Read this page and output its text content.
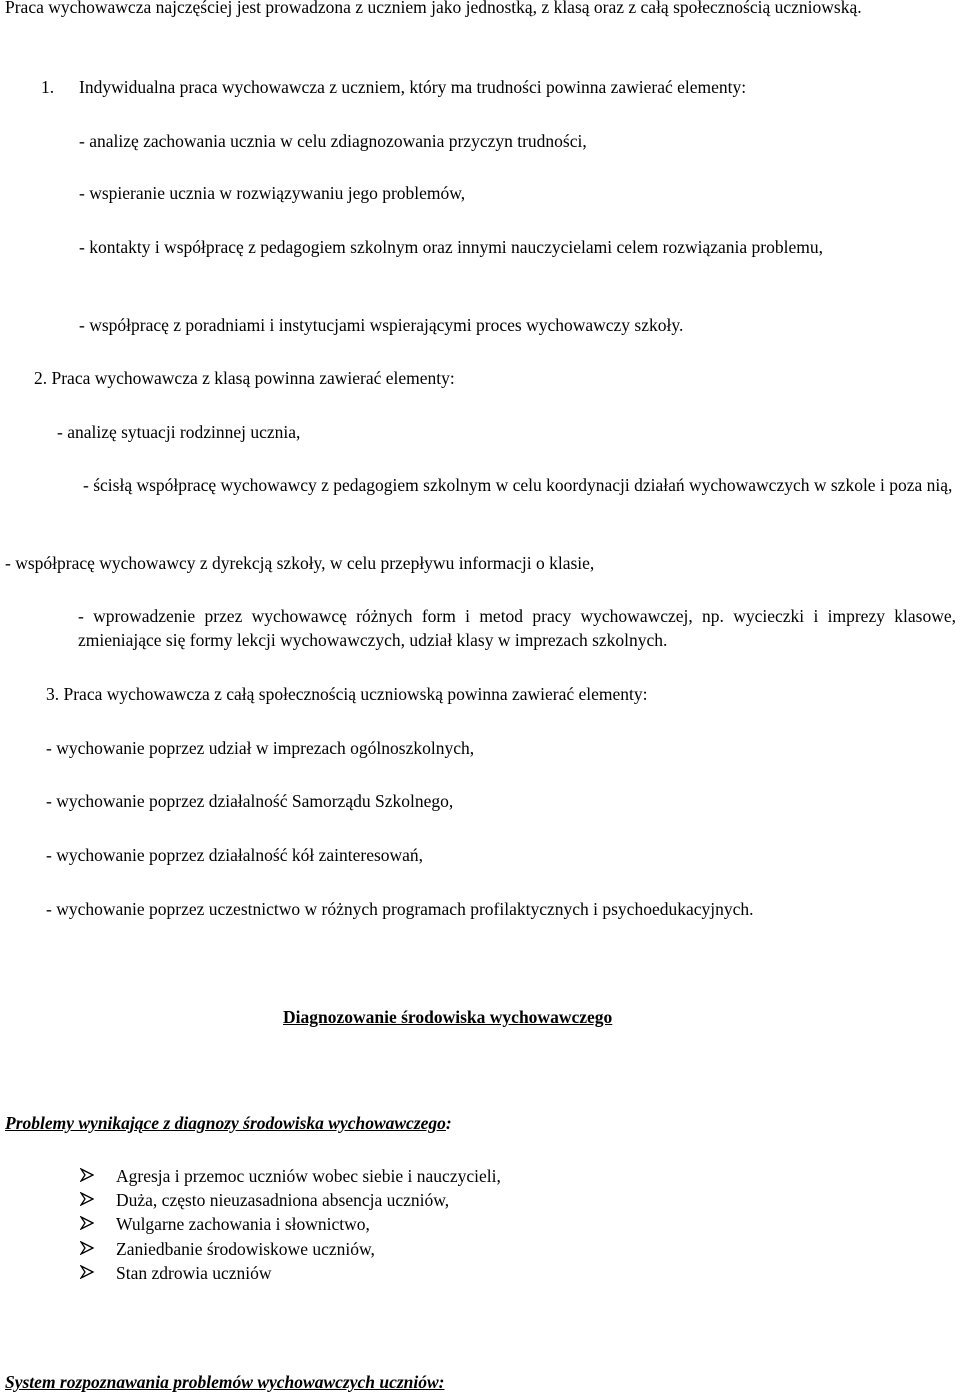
Praca wychowawcza najczęściej jest prowadzona z uczniem jako jednostką, z klasą oraz z całą społecznością uczniowską.
1. Indywidualna praca wychowawcza z uczniem, który ma trudności powinna zawierać elementy:
- analizę zachowania ucznia w celu zdiagnozowania przyczyn trudności,
- wspieranie ucznia w rozwiązywaniu jego problemów,
- kontakty i współpracę z pedagogiem szkolnym oraz innymi nauczycielami celem rozwiązania problemu,
- współpracę z poradniami i instytucjami wspierającymi proces wychowawczy szkoły.
2. Praca wychowawcza z klasą powinna zawierać elementy:
- analizę sytuacji rodzinnej ucznia,
- ścisłą współpracę wychowawcy z pedagogiem szkolnym w celu koordynacji działań wychowawczych w szkole i poza nią,
- współpracę wychowawcy z dyrekcją szkoły, w celu przepływu informacji o klasie,
- wprowadzenie przez wychowawcę różnych form i metod pracy wychowawczej, np. wycieczki i imprezy klasowe, zmieniające się formy lekcji wychowawczych, udział klasy w imprezach szkolnych.
3. Praca wychowawcza z całą społecznością uczniowską powinna zawierać elementy:
- wychowanie poprzez udział w imprezach ogólnoszkolnych,
- wychowanie poprzez działalność Samorządu Szkolnego,
- wychowanie poprzez działalność kół zainteresowań,
- wychowanie poprzez uczestnictwo w różnych programach profilaktycznych i psychoedukacyjnych.
Diagnozowanie środowiska wychowawczego
Problemy wynikające z diagnozy środowiska wychowawczego:
Agresja i przemoc uczniów wobec siebie i nauczycieli,
Duża, często nieuzasadniona absencja uczniów,
Wulgarne zachowania i słownictwo,
Zaniedbanie środowiskowe uczniów,
Stan zdrowia uczniów
System rozpoznawania problemów wychowawczych uczniów:
